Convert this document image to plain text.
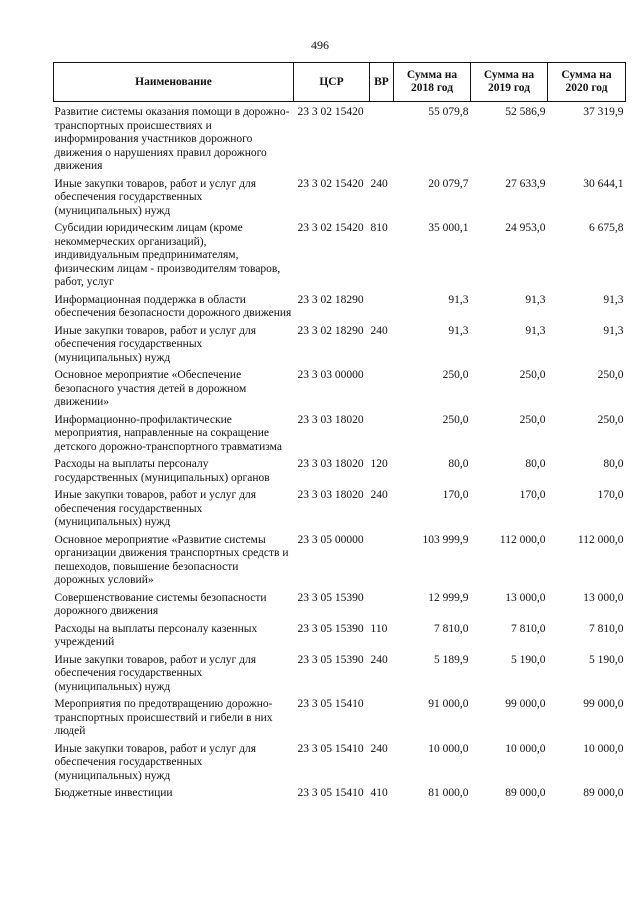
496
Наименование	ЦСР	ВР	Сумма на 2018 год	Сумма на 2019 год	Сумма на 2020 год
Развитие системы оказания помощи в дорожно-транспортных происшествиях и информирования участников дорожного движения о нарушениях правил дорожного движения	23 3 02 15420		55 079,8	52 586,9	37 319,9
Иные закупки товаров, работ и услуг для обеспечения государственных (муниципальных) нужд	23 3 02 15420	240	20 079,7	27 633,9	30 644,1
Субсидии юридическим лицам (кроме некоммерческих организаций), индивидуальным предпринимателям, физическим лицам - производителям товаров, работ, услуг	23 3 02 15420	810	35 000,1	24 953,0	6 675,8
Информационная поддержка в области обеспечения безопасности дорожного движения	23 3 02 18290		91,3	91,3	91,3
Иные закупки товаров, работ и услуг для обеспечения государственных (муниципальных) нужд	23 3 02 18290	240	91,3	91,3	91,3
Основное мероприятие «Обеспечение безопасного участия детей в дорожном движении»	23 3 03 00000		250,0	250,0	250,0
Информационно-профилактические мероприятия, направленные на сокращение детского дорожно-транспортного травматизма	23 3 03 18020		250,0	250,0	250,0
Расходы на выплаты персоналу государственных (муниципальных) органов	23 3 03 18020	120	80,0	80,0	80,0
Иные закупки товаров, работ и услуг для обеспечения государственных (муниципальных) нужд	23 3 03 18020	240	170,0	170,0	170,0
Основное мероприятие «Развитие системы организации движения транспортных средств и пешеходов, повышение безопасности дорожных условий»	23 3 05 00000		103 999,9	112 000,0	112 000,0
Совершенствование системы безопасности дорожного движения	23 3 05 15390		12 999,9	13 000,0	13 000,0
Расходы на выплаты персоналу казенных учреждений	23 3 05 15390	110	7 810,0	7 810,0	7 810,0
Иные закупки товаров, работ и услуг для обеспечения государственных (муниципальных) нужд	23 3 05 15390	240	5 189,9	5 190,0	5 190,0
Мероприятия по предотвращению дорожно-транспортных происшествий и гибели в них людей	23 3 05 15410		91 000,0	99 000,0	99 000,0
Иные закупки товаров, работ и услуг для обеспечения государственных (муниципальных) нужд	23 3 05 15410	240	10 000,0	10 000,0	10 000,0
Бюджетные инвестиции	23 3 05 15410	410	81 000,0	89 000,0	89 000,0
